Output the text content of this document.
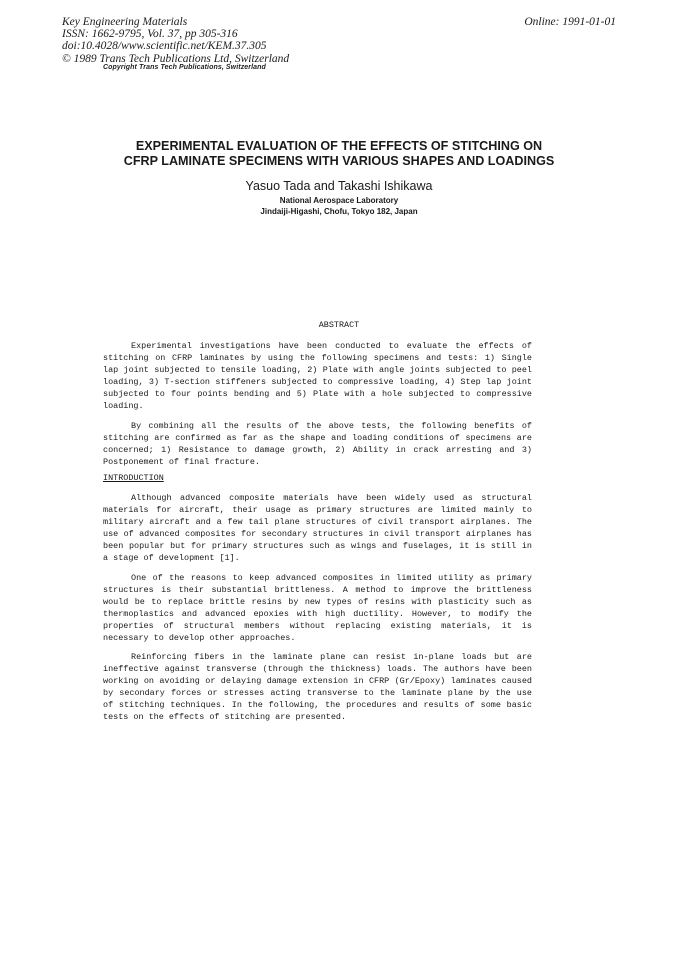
Key Engineering Materials
ISSN: 1662-9795, Vol. 37, pp 305-316
doi:10.4028/www.scientific.net/KEM.37.305
© 1989 Trans Tech Publications Ltd, Switzerland
Online: 1991-01-01
Copyright Trans Tech Publications, Switzerland
EXPERIMENTAL EVALUATION OF THE EFFECTS OF STITCHING ON
CFRP LAMINATE SPECIMENS WITH VARIOUS SHAPES AND LOADINGS
Yasuo Tada and Takashi Ishikawa
National Aerospace Laboratory
Jindaiji-Higashi, Chofu, Tokyo 182, Japan
ABSTRACT
Experimental investigations have been conducted to evaluate the effects of stitching on CFRP laminates by using the following specimens and tests: 1) Single lap joint subjected to tensile loading, 2) Plate with angle joints subjected to peel loading, 3) T-section stiffeners subjected to compressive loading, 4) Step lap joint subjected to four points bending and 5) Plate with a hole subjected to compressive loading.
By combining all the results of the above tests, the following benefits of stitching are confirmed as far as the shape and loading conditions of specimens are concerned; 1) Resistance to damage growth, 2) Ability in crack arresting and 3) Postponement of final fracture.
INTRODUCTION
Although advanced composite materials have been widely used as structural materials for aircraft, their usage as primary structures are limited mainly to military aircraft and a few tail plane structures of civil transport airplanes. The use of advanced composites for secondary structures in civil transport airplanes has been popular but for primary structures such as wings and fuselages, it is still in a stage of development [1].
One of the reasons to keep advanced composites in limited utility as primary structures is their substantial brittleness. A method to improve the brittleness would be to replace brittle resins by new types of resins with plasticity such as thermoplastics and advanced epoxies with high ductility. However, to modify the properties of structural members without replacing existing materials, it is necessary to develop other approaches.
Reinforcing fibers in the laminate plane can resist in-plane loads but are ineffective against transverse (through the thickness) loads. The authors have been working on avoiding or delaying damage extension in CFRP (Gr/Epoxy) laminates caused by secondary forces or stresses acting transverse to the laminate plane by the use of stitching techniques. In the following, the procedures and results of some basic tests on the effects of stitching are presented.
